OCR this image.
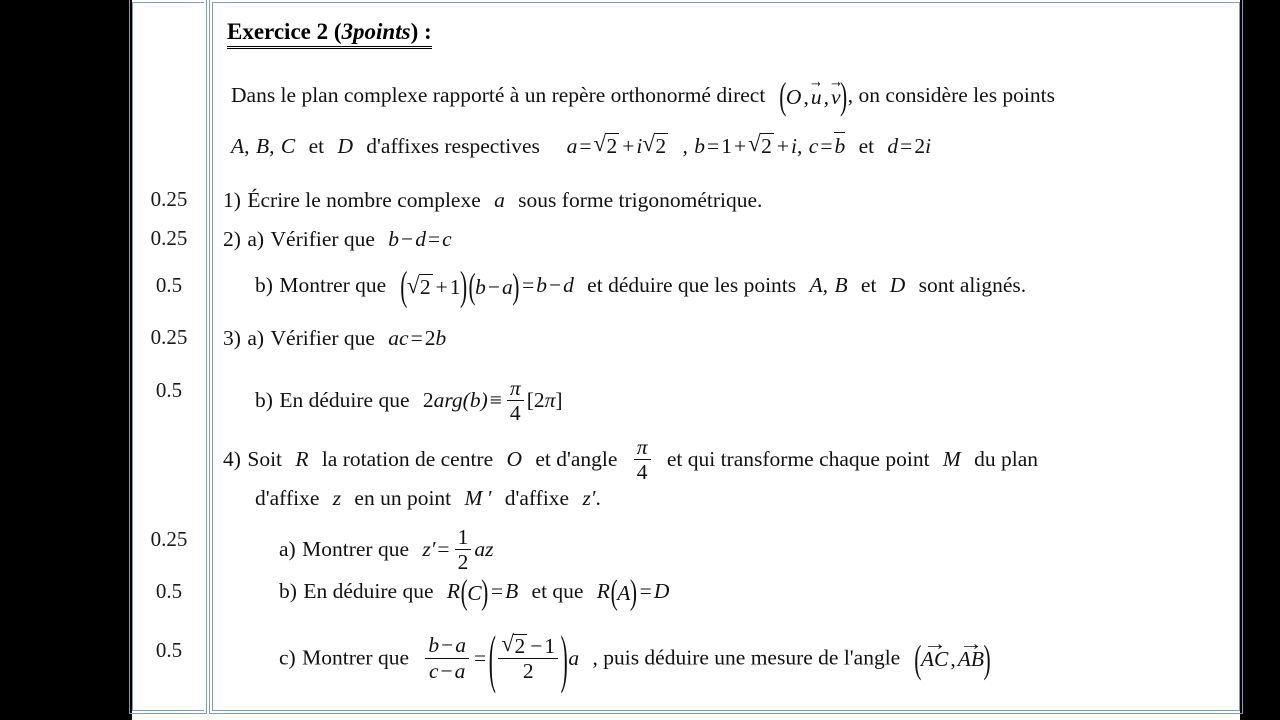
0.25
0.25
0.5
0.25
0.5
0.25
0.5
0.5
Exercice 2 (3points) :
Dans le plan complexe rapporté à un repère orthonormé direct ( O,→ u,→ v ) , on considère les points
A, B, C et D d'affixes respectives a= √ 2 +i √ 2 , b=1+ √ 2 +i, c=b et d=2i
1) Écrire le nombre complexe a sous forme trigonométrique.
2) a) Vérifier que b−d=c
b) Montrer que ( √ 2 +1 ) ( b−a ) =b−d et déduire que les points A, B et D sont alignés.
3) a) Vérifier que ac=2b
b) En déduire que $2arg(b)\equiv \frac{\pi}{4} [2\pi]$
4) Soit R la rotation de centre O et d'angle $\frac{\pi}{4}$ et qui transforme chaque point M du plan
d'affixe z en un point M ′ d'affixe z′.
a) Montrer que $z'= \frac{1}{2}$ az
b) En déduire que R ( C ) =B et que R ( A ) =D
c) Montrer que $\frac{b-a}{c-a}$ = ( √ $\frac{2 -1}{2}$
) a , puis déduire une mesure de l'angle ( → AC,→ AB )
